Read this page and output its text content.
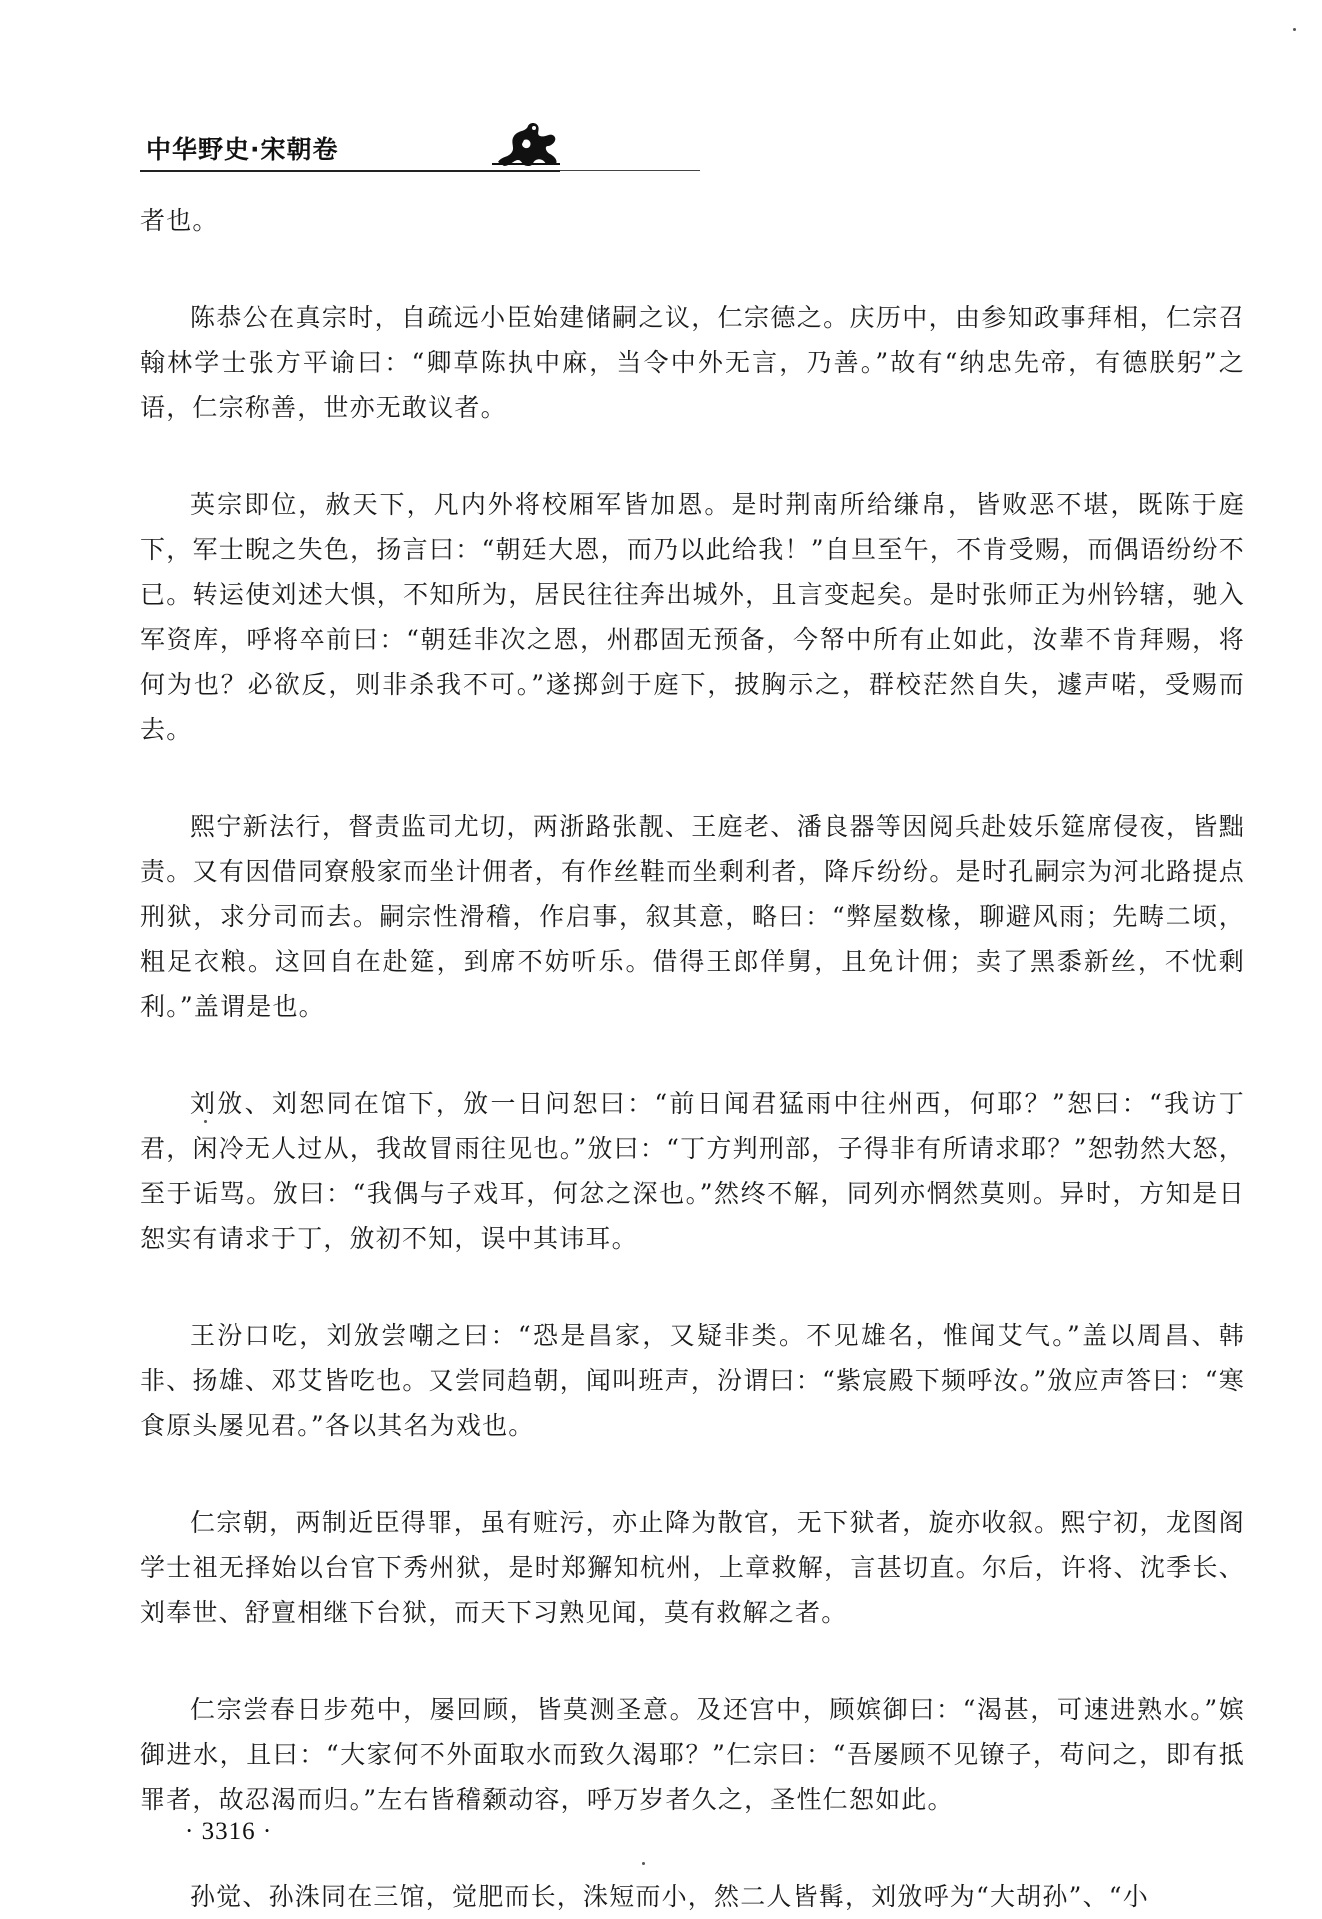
中华野史·宋朝卷

者也。

陈恭公在真宗时，自疏远小臣始建储嗣之议，仁宗德之。庆历中，由参知政事拜相，仁宗召翰林学士张方平谕曰：“卿草陈执中麻，当令中外无言，乃善。”故有“纳忠先帝，有德朕躬”之语，仁宗称善，世亦无敢议者。

英宗即位，赦天下，凡内外将校厢军皆加恩。是时荆南所给缣帛，皆败恶不堪，既陈于庭下，军士睨之失色，扬言曰：“朝廷大恩，而乃以此给我！”自旦至午，不肯受赐，而偶语纷纷不已。转运使刘述大惧，不知所为，居民往往奔出城外，且言变起矣。是时张师正为州钤辖，驰入军资库，呼将卒前曰：“朝廷非次之恩，州郡固无预备，今帑中所有止如此，汝辈不肯拜赐，将何为也？必欲反，则非杀我不可。”遂掷剑于庭下，披胸示之，群校茫然自失，遽声喏，受赐而去。

熙宁新法行，督责监司尤切，两浙路张靓、王庭老、潘良器等因阅兵赴妓乐筵席侵夜，皆黜责。又有因借同寮般家而坐计佣者，有作丝鞋而坐剩利者，降斥纷纷。是时孔嗣宗为河北路提点刑狱，求分司而去。嗣宗性滑稽，作启事，叙其意，略曰：“弊屋数椽，聊避风雨；先畴二顷，粗足衣粮。这回自在赴筵，到席不妨听乐。借得王郎佯舅，且免计佣；卖了黑黍新丝，不忧剩利。”盖谓是也。

刘攽、刘恕同在馆下，攽一日问恕曰：“前日闻君猛雨中往州西，何耶？”恕曰：“我访丁君，闲冷无人过从，我故冒雨往见也。”攽曰：“丁方判刑部，子得非有所请求耶？”恕勃然大怒，至于诟骂。攽曰：“我偶与子戏耳，何忿之深也。”然终不解，同列亦惘然莫则。异时，方知是日恕实有请求于丁，攽初不知，误中其讳耳。

王汾口吃，刘攽尝嘲之曰：“恐是昌家，又疑非类。不见雄名，惟闻艾气。”盖以周昌、韩非、扬雄、邓艾皆吃也。又尝同趋朝，闻叫班声，汾谓曰：“紫宸殿下频呼汝。”攽应声答曰：“寒食原头屡见君。”各以其名为戏也。

仁宗朝，两制近臣得罪，虽有赃污，亦止降为散官，无下狱者，旋亦收叙。熙宁初，龙图阁学士祖无择始以台官下秀州狱，是时郑獬知杭州，上章救解，言甚切直。尔后，许将、沈季长、刘奉世、舒亶相继下台狱，而天下习熟见闻，莫有救解之者。

仁宗尝春日步苑中，屡回顾，皆莫测圣意。及还宫中，顾嫔御曰：“渴甚，可速进熟水。”嫔御进水，且曰：“大家何不外面取水而致久渴耶？”仁宗曰：“吾屡顾不见镣子，苟问之，即有抵罪者，故忍渴而归。”左右皆稽颡动容，呼万岁者久之，圣性仁恕如此。

孙觉、孙洙同在三馆，觉肥而长，洙短而小，然二人皆髯，刘攽呼为“大胡孙”、“小

· 3316 ·
